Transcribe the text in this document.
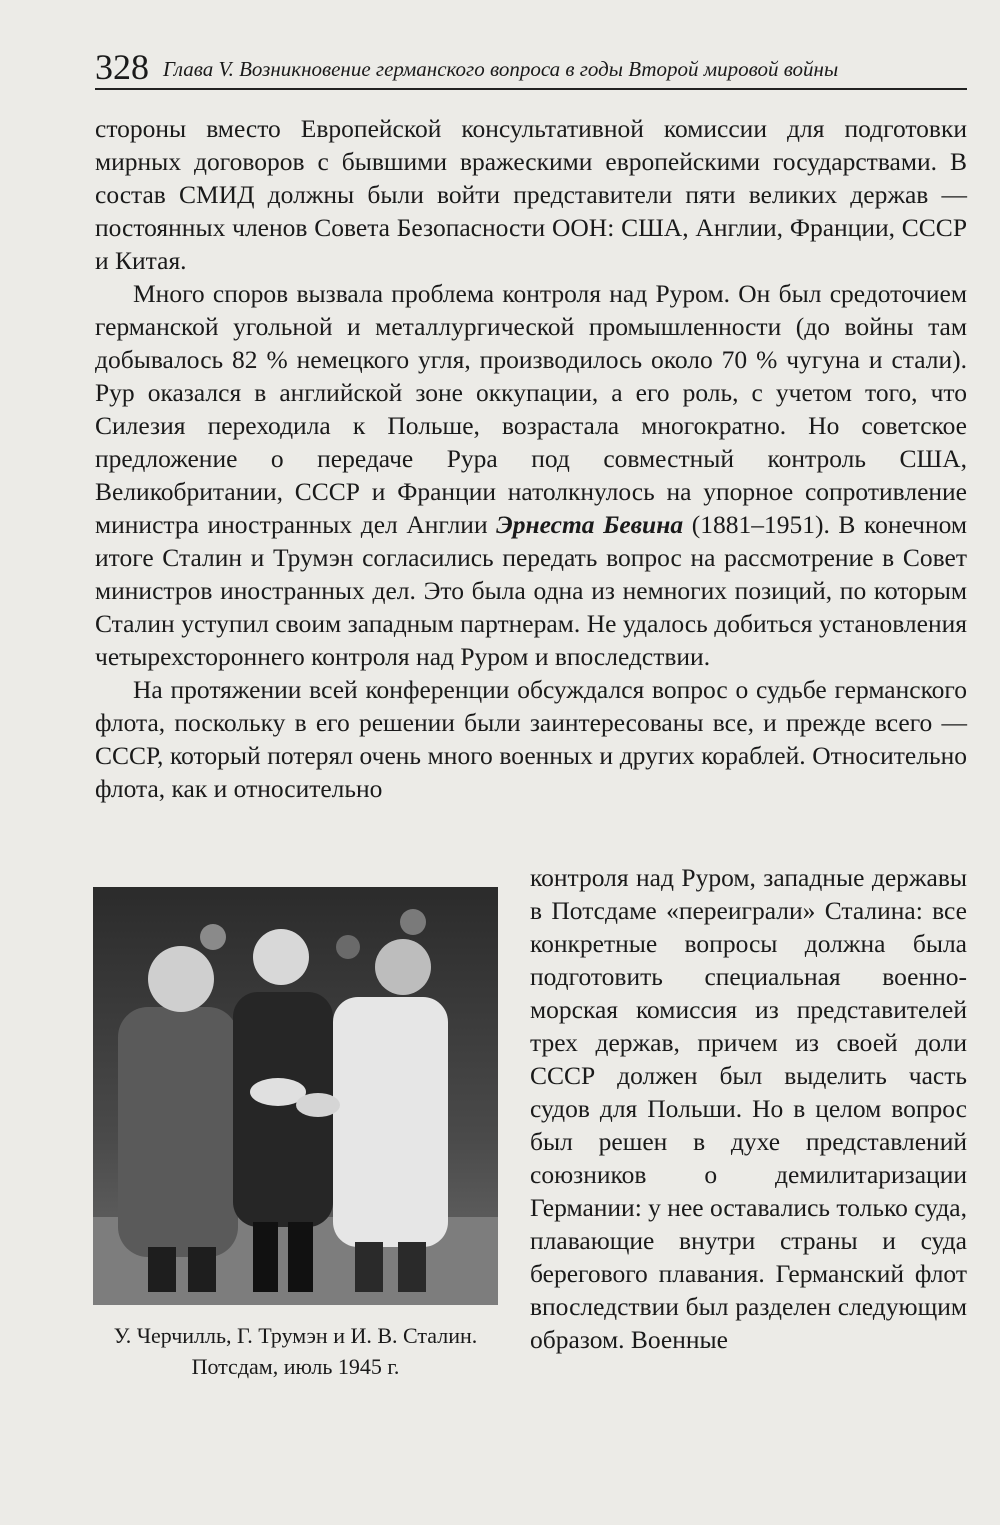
328 Глава V. Возникновение германского вопроса в годы Второй мировой войны

стороны вместо Европейской консультативной комиссии для подготовки мирных договоров с бывшими вражескими европейскими государствами. В состав СМИД должны были войти представители пяти великих держав — постоянных членов Совета Безопасности ООН: США, Англии, Франции, СССР и Китая.

Много споров вызвала проблема контроля над Руром. Он был средоточием германской угольной и металлургической промышленности (до войны там добывалось 82 % немецкого угля, производилось около 70 % чугуна и стали). Рур оказался в английской зоне оккупации, а его роль, с учетом того, что Силезия переходила к Польше, возрастала многократно. Но советское предложение о передаче Рура под совместный контроль США, Великобритании, СССР и Франции натолкнулось на упорное сопротивление министра иностранных дел Англии Эрнеста Бевина (1881–1951). В конечном итоге Сталин и Трумэн согласились передать вопрос на рассмотрение в Совет министров иностранных дел. Это была одна из немногих позиций, по которым Сталин уступил своим западным партнерам. Не удалось добиться установления четырехстороннего контроля над Руром и впоследствии.

На протяжении всей конференции обсуждался вопрос о судьбе германского флота, поскольку в его решении были заинтересованы все, и прежде всего — СССР, который потерял очень много военных и других кораблей. Относительно флота, как и относительно

У. Черчилль, Г. Трумэн и И. В. Сталин. Потсдам, июль 1945 г.

контроля над Руром, западные державы в Потсдаме «переиграли» Сталина: все конкретные вопросы должна была подготовить специальная военно-морская комиссия из представителей трех держав, причем из своей доли СССР должен был выделить часть судов для Польши. Но в целом вопрос был решен в духе представлений союзников о демилитаризации Германии: у нее оставались только суда, плавающие внутри страны и суда берегового плавания. Германский флот впоследствии был разделен следующим образом. Военные
